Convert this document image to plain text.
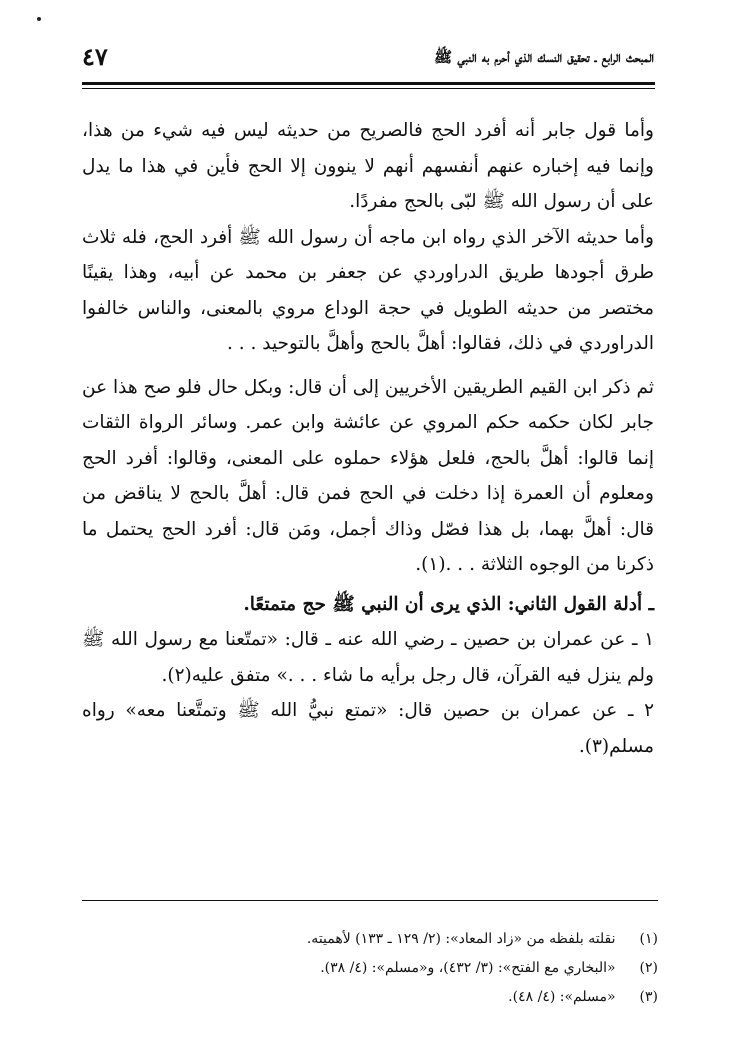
المبحث الرابع ـ تحقيق النسك الذي أحرم به النبي ﷺ
٤٧

وأما قول جابر أنه أفرد الحج فالصريح من حديثه ليس فيه شيء من هذا، وإنما فيه إخباره عنهم أنفسهم أنهم لا ينوون إلا الحج فأين في هذا ما يدل على أن رسول الله ﷺ لبّى بالحج مفردًا.

وأما حديثه الآخر الذي رواه ابن ماجه أن رسول الله ﷺ أفرد الحج، فله ثلاث طرق أجودها طريق الدراوردي عن جعفر بن محمد عن أبيه، وهذا يقينًا مختصر من حديثه الطويل في حجة الوداع مروي بالمعنى، والناس خالفوا الدراوردي في ذلك، فقالوا: أهلَّ بالحج وأهلَّ بالتوحيد . . .

ثم ذكر ابن القيم الطريقين الأخريين إلى أن قال: وبكل حال فلو صح هذا عن جابر لكان حكمه حكم المروي عن عائشة وابن عمر. وسائر الرواة الثقات إنما قالوا: أهلَّ بالحج، فلعل هؤلاء حملوه على المعنى، وقالوا: أفرد الحج ومعلوم أن العمرة إذا دخلت في الحج فمن قال: أهلَّ بالحج لا يناقض من قال: أهلَّ بهما، بل هذا فصّل وذاك أجمل، ومَن قال: أفرد الحج يحتمل ما ذكرنا من الوجوه الثلاثة . . .(١).

ـ أدلة القول الثاني: الذي يرى أن النبي ﷺ حج متمتعًا.

١ ـ عن عمران بن حصين ـ رضي الله عنه ـ قال: «تمتّعنا مع رسول الله ﷺ ولم ينزل فيه القرآن، قال رجل برأيه ما شاء . . .» متفق عليه(٢).

٢ ـ عن عمران بن حصين قال: «تمتع نبيُّ الله ﷺ وتمتَّعنا معه» رواه مسلم(٣).

(١) نقلته بلفظه من «زاد المعاد»: (٢/ ١٢٩ ـ ١٣٣) لأهميته.
(٢) «البخاري مع الفتح»: (٣/ ٤٣٢)، و«مسلم»: (٤/ ٣٨).
(٣) «مسلم»: (٤/ ٤٨).
